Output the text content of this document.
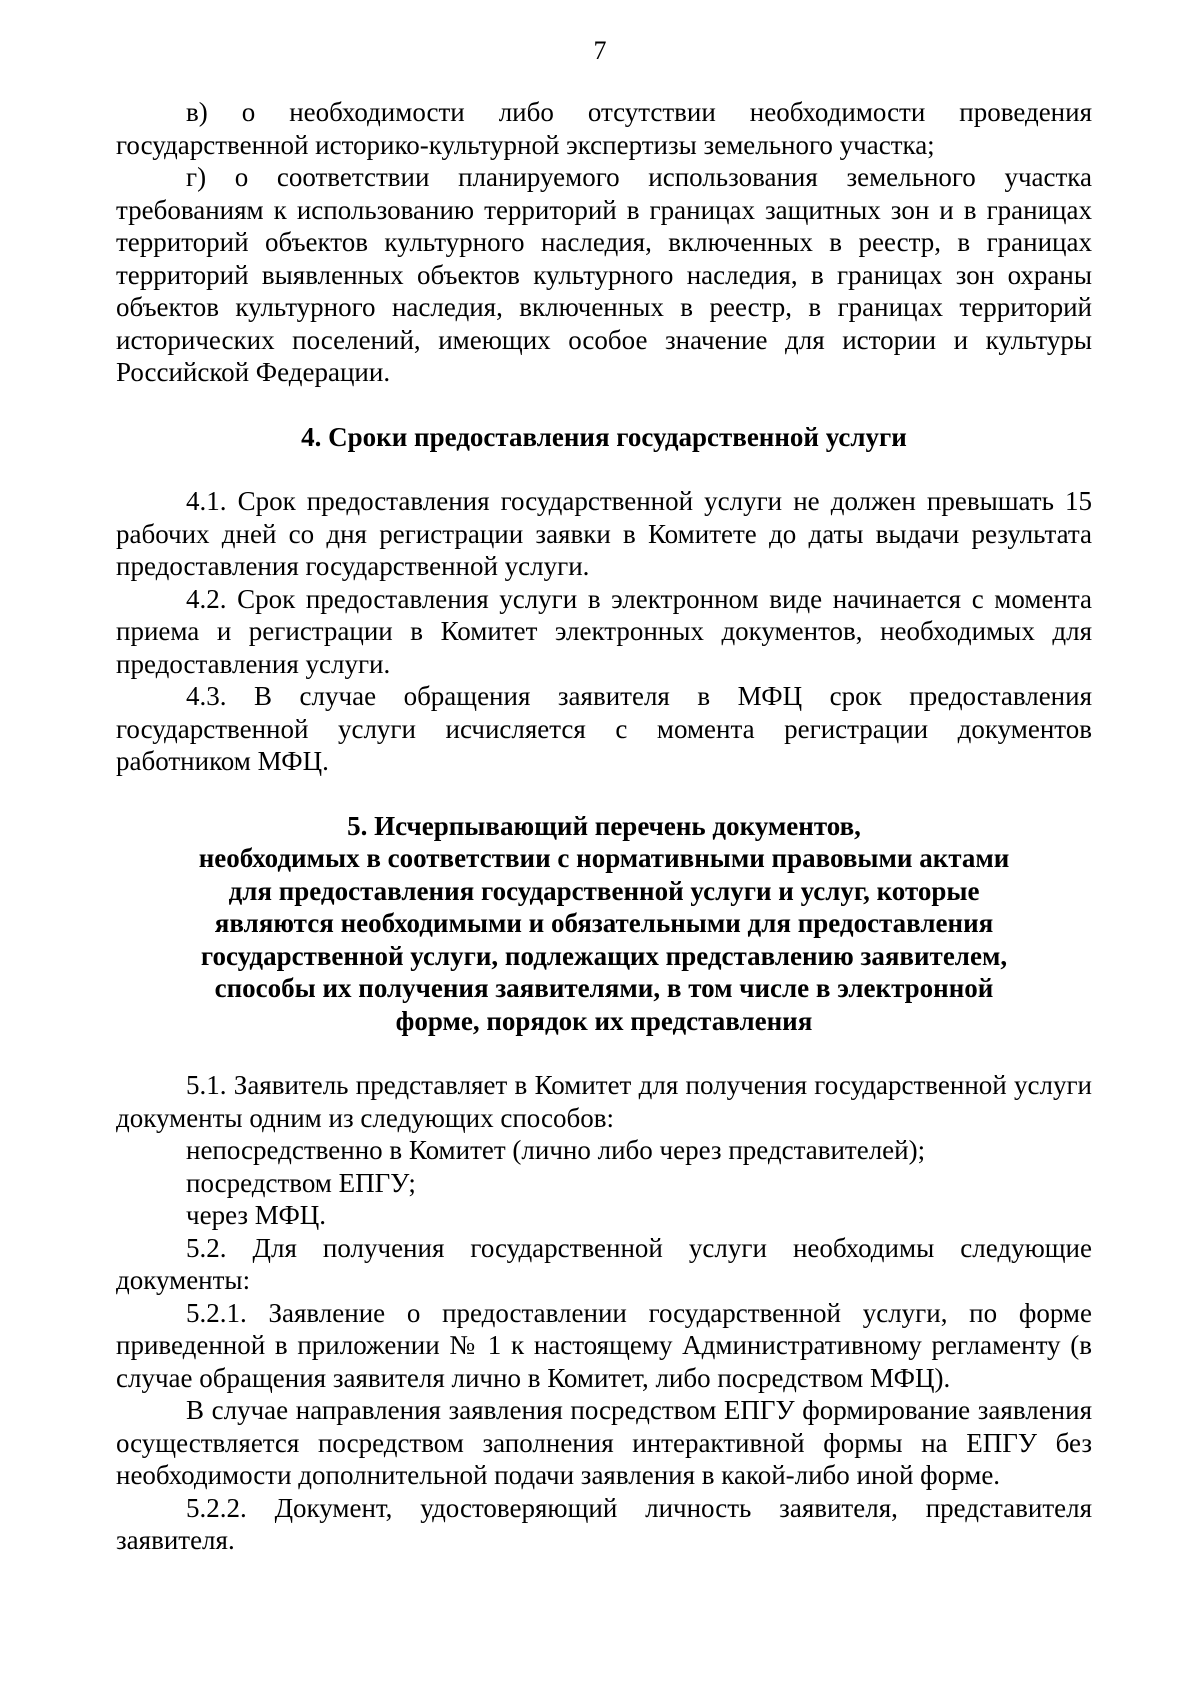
7

в) о необходимости либо отсутствии необходимости проведения государственной историко-культурной экспертизы земельного участка;

г) о соответствии планируемого использования земельного участка требованиям к использованию территорий в границах защитных зон и в границах территорий объектов культурного наследия, включенных в реестр, в границах территорий выявленных объектов культурного наследия, в границах зон охраны объектов культурного наследия, включенных в реестр, в границах территорий исторических поселений, имеющих особое значение для истории и культуры Российской Федерации.

4. Сроки предоставления государственной услуги

4.1. Срок предоставления государственной услуги не должен превышать 15 рабочих дней со дня регистрации заявки в Комитете до даты выдачи результата предоставления государственной услуги.

4.2. Срок предоставления услуги в электронном виде начинается с момента приема и регистрации в Комитет электронных документов, необходимых для предоставления услуги.

4.3. В случае обращения заявителя в МФЦ срок предоставления государственной услуги исчисляется с момента регистрации документов работником МФЦ.

5. Исчерпывающий перечень документов,

необходимых в соответствии с нормативными правовыми актами

для предоставления государственной услуги и услуг, которые

являются необходимыми и обязательными для предоставления

государственной услуги, подлежащих представлению заявителем,

способы их получения заявителями, в том числе в электронной

форме, порядок их представления

5.1. Заявитель представляет в Комитет для получения государственной услуги документы одним из следующих способов:

непосредственно в Комитет (лично либо через представителей);

посредством ЕПГУ;

через МФЦ.

5.2. Для получения государственной услуги необходимы следующие документы:

5.2.1. Заявление о предоставлении государственной услуги, по форме приведенной в приложении № 1 к настоящему Административному регламенту (в случае обращения заявителя лично в Комитет, либо посредством МФЦ).

В случае направления заявления посредством ЕПГУ формирование заявления осуществляется посредством заполнения интерактивной формы на ЕПГУ без необходимости дополнительной подачи заявления в какой-либо иной форме.

5.2.2. Документ, удостоверяющий личность заявителя, представителя заявителя.
